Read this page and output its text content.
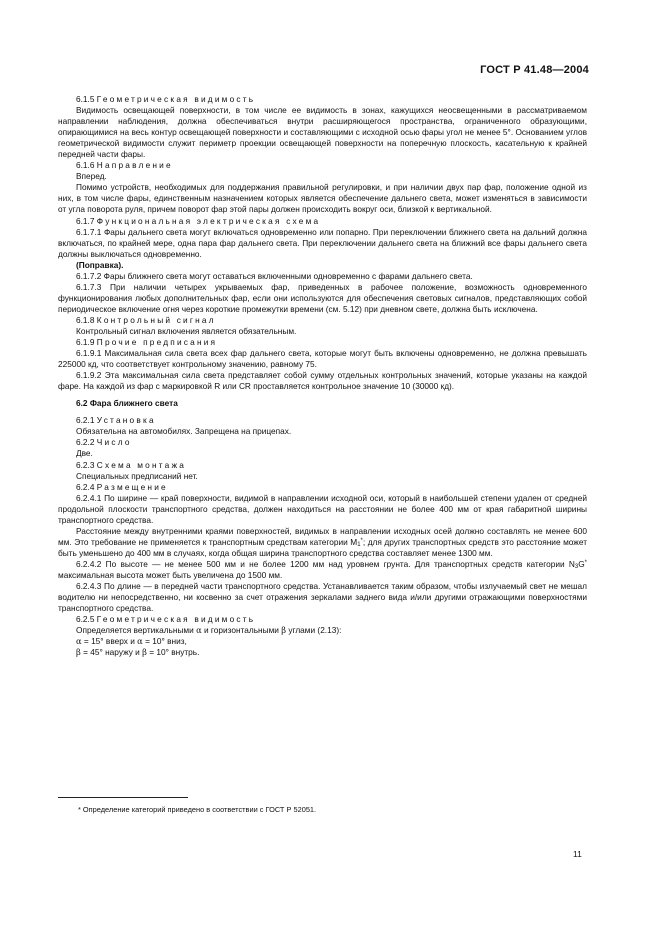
ГОСТ Р 41.48—2004

6.1.5 Геометрическая видимость

Видимость освещающей поверхности, в том числе ее видимость в зонах, кажущихся неосвещенными в рассматриваемом направлении наблюдения, должна обеспечиваться внутри расширяющегося пространства, ограниченного образующими, опирающимися на весь контур освещающей поверхности и составляющими с исходной осью фары угол не менее 5°. Основанием углов геометрической видимости служит периметр проекции освещающей поверхности на поперечную плоскость, касательную к крайней передней части фары.

6.1.6 Направление

Вперед.

Помимо устройств, необходимых для поддержания правильной регулировки, и при наличии двух пар фар, положение одной из них, в том числе фары, единственным назначением которых является обеспечение дальнего света, может изменяться в зависимости от угла поворота руля, причем поворот фар этой пары должен происходить вокруг оси, близкой к вертикальной.

6.1.7 Функциональная электрическая схема

6.1.7.1 Фары дальнего света могут включаться одновременно или попарно. При переключении ближнего света на дальний должна включаться, по крайней мере, одна пара фар дальнего света. При переключении дальнего света на ближний все фары дальнего света должны выключаться одновременно.

(Поправка).

6.1.7.2 Фары ближнего света могут оставаться включенными одновременно с фарами дальнего света.

6.1.7.3 При наличии четырех укрываемых фар, приведенных в рабочее положение, возможность одновременного функционирования любых дополнительных фар, если они используются для обеспечения световых сигналов, представляющих собой периодическое включение огня через короткие промежутки времени (см. 5.12) при дневном свете, должна быть исключена.

6.1.8 Контрольный сигнал

Контрольный сигнал включения является обязательным.

6.1.9 Прочие предписания

6.1.9.1 Максимальная сила света всех фар дальнего света, которые могут быть включены одновременно, не должна превышать 225000 кд, что соответствует контрольному значению, равному 75.

6.1.9.2 Эта максимальная сила света представляет собой сумму отдельных контрольных значений, которые указаны на каждой фаре. На каждой из фар с маркировкой R или CR проставляется контрольное значение 10 (30000 кд).

6.2 Фара ближнего света

6.2.1 Установка

Обязательна на автомобилях. Запрещена на прицепах.

6.2.2 Число

Две.

6.2.3 Схема монтажа

Специальных предписаний нет.

6.2.4 Размещение

6.2.4.1 По ширине — край поверхности, видимой в направлении исходной оси, который в наибольшей степени удален от средней продольной плоскости транспортного средства, должен находиться на расстоянии не более 400 мм от края габаритной ширины транспортного средства.

Расстояние между внутренними краями поверхностей, видимых в направлении исходных осей должно составлять не менее 600 мм. Это требование не применяется к транспортным средствам категории $M_1^*$; для других транспортных средств это расстояние может быть уменьшено до 400 мм в случаях, когда общая ширина транспортного средства составляет менее 1300 мм.

6.2.4.2 По высоте — не менее 500 мм и не более 1200 мм над уровнем грунта. Для транспортных средств категории $N_3G^*$ максимальная высота может быть увеличена до 1500 мм.

6.2.4.3 По длине — в передней части транспортного средства. Устанавливается таким образом, чтобы излучаемый свет не мешал водителю ни непосредственно, ни косвенно за счет отражения зеркалами заднего вида и/или другими отражающими поверхностями транспортного средства.

6.2.5 Геометрическая видимость

Определяется вертикальными α и горизонтальными β углами (2.13):

α = 15° вверх и α = 10° вниз,

β = 45° наружу и β = 10° внутрь.

* Определение категорий приведено в соответствии с ГОСТ Р 52051.
11
